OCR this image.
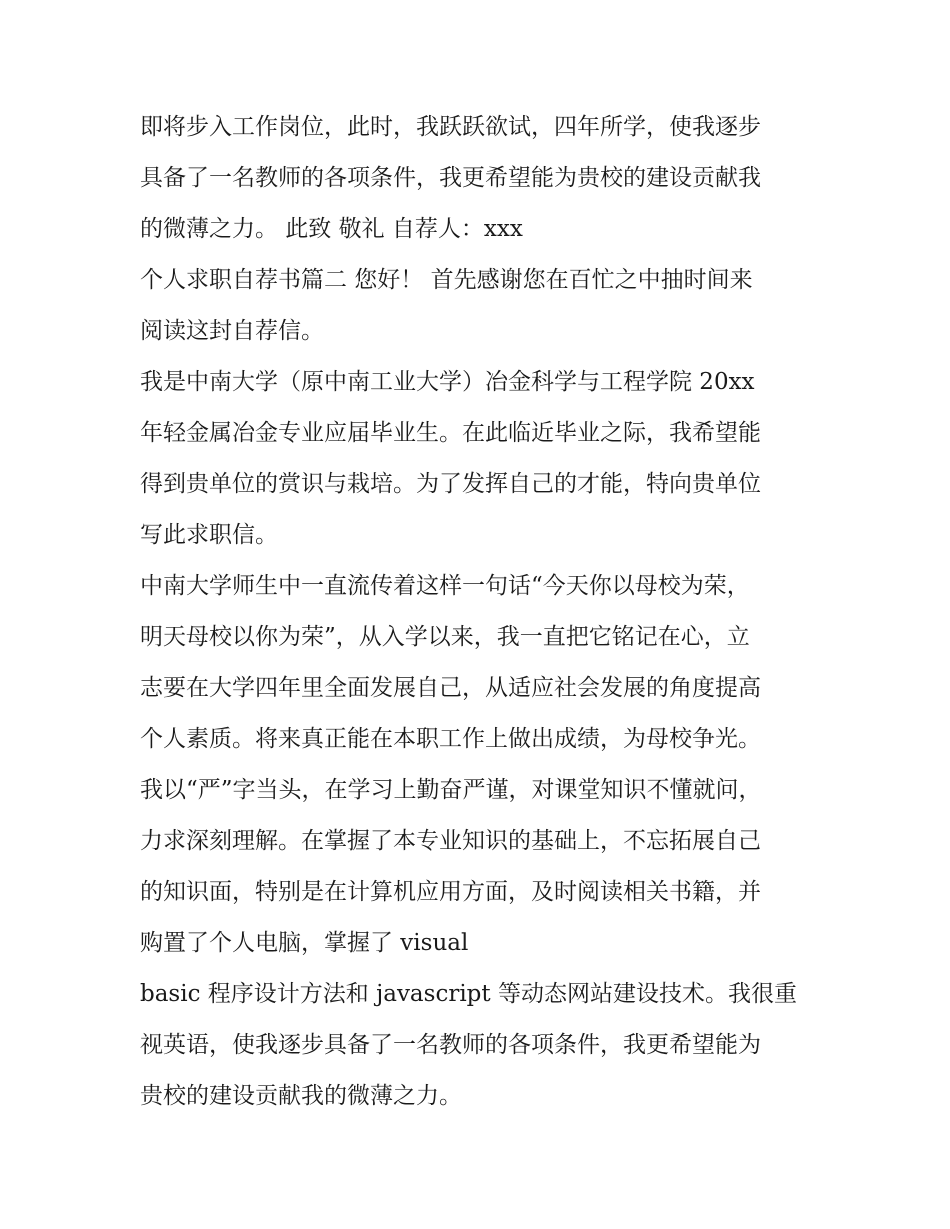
即将步入工作岗位，此时，我跃跃欲试，四年所学，使我逐步
具备了一名教师的各项条件，我更希望能为贵校的建设贡献我
的微薄之力。 此致 敬礼 自荐人：xxx
个人求职自荐书篇二 您好！ 首先感谢您在百忙之中抽时间来
阅读这封自荐信。
我是中南大学（原中南工业大学）冶金科学与工程学院 20xx
年轻金属冶金专业应届毕业生。在此临近毕业之际，我希望能
得到贵单位的赏识与栽培。为了发挥自己的才能，特向贵单位
写此求职信。
中南大学师生中一直流传着这样一句话“今天你以母校为荣，
明天母校以你为荣”，从入学以来，我一直把它铭记在心，立
志要在大学四年里全面发展自己，从适应社会发展的角度提高
个人素质。将来真正能在本职工作上做出成绩，为母校争光。
我以“严”字当头，在学习上勤奋严谨，对课堂知识不懂就问，
力求深刻理解。在掌握了本专业知识的基础上，不忘拓展自己
的知识面，特别是在计算机应用方面，及时阅读相关书籍，并
购置了个人电脑，掌握了 visual
basic 程序设计方法和 javascript 等动态网站建设技术。我很重
视英语，使我逐步具备了一名教师的各项条件，我更希望能为
贵校的建设贡献我的微薄之力。
